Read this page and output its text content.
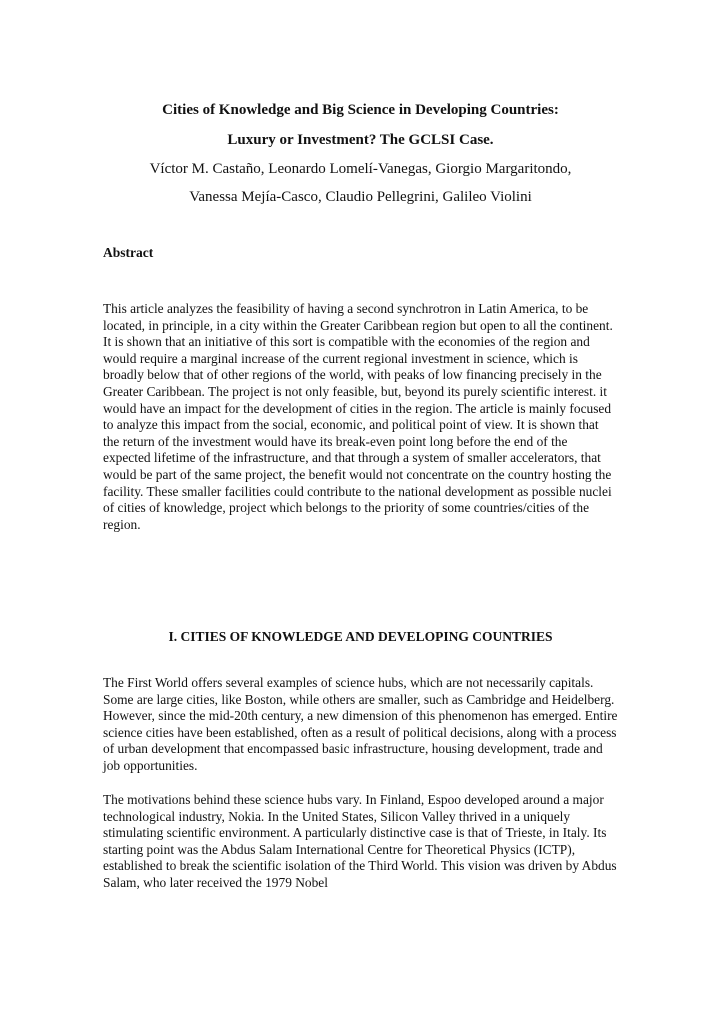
Cities of Knowledge and Big Science in Developing Countries:
Luxury or Investment? The GCLSI Case.
Víctor M. Castaño, Leonardo Lomelí-Vanegas, Giorgio Margaritondo,
Vanessa Mejía-Casco, Claudio Pellegrini, Galileo Violini
Abstract
This article analyzes the feasibility of having a second synchrotron in Latin America, to be located, in principle, in a city within the Greater Caribbean region but open to all the continent. It is shown that an initiative of this sort is compatible with the economies of the region and would require a marginal increase of the current regional investment in science, which is broadly below that of other regions of the world, with peaks of low financing precisely in the Greater Caribbean. The project is not only feasible, but, beyond its purely scientific interest. it would have an impact for the development of cities in the region. The article is mainly focused to analyze this impact from the social, economic, and political point of view. It is shown that the return of the investment would have its break-even point long before the end of the expected lifetime of the infrastructure, and that through a system of smaller accelerators, that would be part of the same project, the benefit would not concentrate on the country hosting the facility. These smaller facilities could contribute to the national development as possible nuclei of cities of knowledge, project which belongs to the priority of some countries/cities of the region.
I. CITIES OF KNOWLEDGE AND DEVELOPING COUNTRIES
The First World offers several examples of science hubs, which are not necessarily capitals. Some are large cities, like Boston, while others are smaller, such as Cambridge and Heidelberg. However, since the mid-20th century, a new dimension of this phenomenon has emerged. Entire science cities have been established, often as a result of political decisions, along with a process of urban development that encompassed basic infrastructure, housing development, trade and job opportunities.
The motivations behind these science hubs vary. In Finland, Espoo developed around a major technological industry, Nokia. In the United States, Silicon Valley thrived in a uniquely stimulating scientific environment. A particularly distinctive case is that of Trieste, in Italy. Its starting point was the Abdus Salam International Centre for Theoretical Physics (ICTP), established to break the scientific isolation of the Third World. This vision was driven by Abdus Salam, who later received the 1979 Nobel
